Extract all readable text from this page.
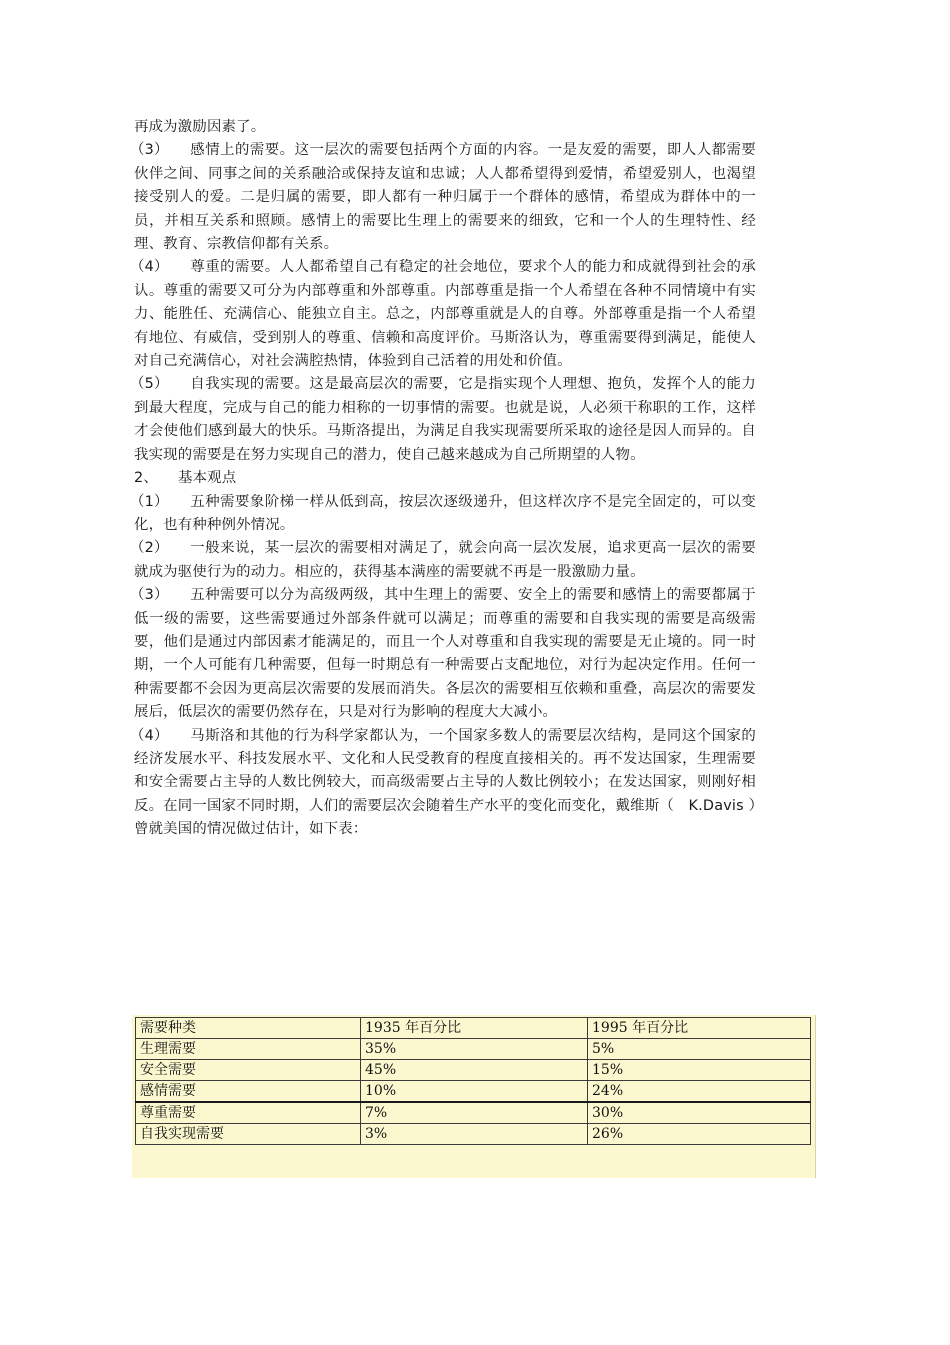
再成为激励因素了。

（3） 感情上的需要。这一层次的需要包括两个方面的内容。一是友爱的需要，即人人都需要伙伴之间、同事之间的关系融洽或保持友谊和忠诚；人人都希望得到爱情，希望爱别人，也渴望接受别人的爱。二是归属的需要，即人都有一种归属于一个群体的感情，希望成为群体中的一员，并相互关系和照顾。感情上的需要比生理上的需要来的细致，它和一个人的生理特性、经理、教育、宗教信仰都有关系。

（4） 尊重的需要。人人都希望自己有稳定的社会地位，要求个人的能力和成就得到社会的承认。尊重的需要又可分为内部尊重和外部尊重。内部尊重是指一个人希望在各种不同情境中有实力、能胜任、充满信心、能独立自主。总之，内部尊重就是人的自尊。外部尊重是指一个人希望有地位、有威信，受到别人的尊重、信赖和高度评价。马斯洛认为，尊重需要得到满足，能使人对自己充满信心，对社会满腔热情，体验到自己活着的用处和价值。

（5） 自我实现的需要。这是最高层次的需要，它是指实现个人理想、抱负，发挥个人的能力到最大程度，完成与自己的能力相称的一切事情的需要。也就是说，人必须干称职的工作，这样才会使他们感到最大的快乐。马斯洛提出，为满足自我实现需要所采取的途径是因人而异的。自我实现的需要是在努力实现自己的潜力，使自己越来越成为自己所期望的人物。

2、 基本观点

（1） 五种需要象阶梯一样从低到高，按层次逐级递升，但这样次序不是完全固定的，可以变化，也有种种例外情况。

（2） 一般来说，某一层次的需要相对满足了，就会向高一层次发展，追求更高一层次的需要就成为驱使行为的动力。相应的，获得基本满座的需要就不再是一股激励力量。

（3） 五种需要可以分为高级两级，其中生理上的需要、安全上的需要和感情上的需要都属于低一级的需要，这些需要通过外部条件就可以满足；而尊重的需要和自我实现的需要是高级需要，他们是通过内部因素才能满足的，而且一个人对尊重和自我实现的需要是无止境的。同一时期，一个人可能有几种需要，但每一时期总有一种需要占支配地位，对行为起决定作用。任何一种需要都不会因为更高层次需要的发展而消失。各层次的需要相互依赖和重叠，高层次的需要发展后，低层次的需要仍然存在，只是对行为影响的程度大大减小。

（4） 马斯洛和其他的行为科学家都认为，一个国家多数人的需要层次结构，是同这个国家的经济发展水平、科技发展水平、文化和人民受教育的程度直接相关的。再不发达国家，生理需要和安全需要占主导的人数比例较大，而高级需要占主导的人数比例较小；在发达国家，则刚好相反。在同一国家不同时期，人们的需要层次会随着生产水平的变化而变化，戴维斯（　K.Davis ）曾就美国的情况做过估计，如下表：

需要种类	1935 年百分比	1995 年百分比
生理需要	35%	5%
安全需要	45%	15%
感情需要	10%	24%
尊重需要	7%	30%
自我实现需要	3%	26%
